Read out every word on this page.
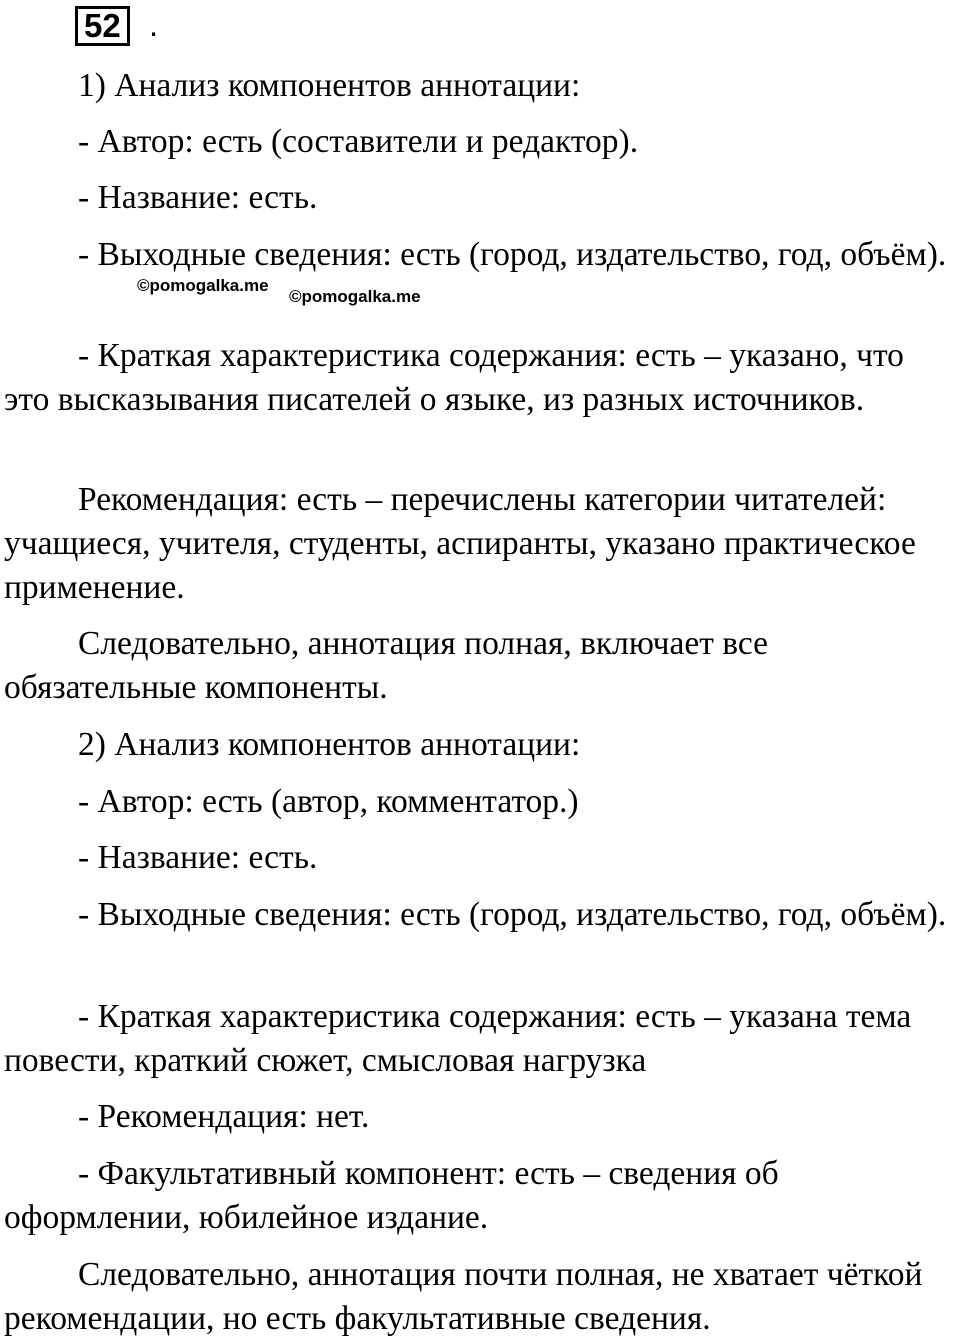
52 .

1) Анализ компонентов аннотации:

- Автор: есть (составители и редактор).

- Название: есть.

- Выходные сведения: есть (город, издательство, год, объём).

©pomogalka.me
©pomogalka.me

- Краткая характеристика содержания: есть – указано, что это высказывания писателей о языке, из разных источников.

Рекомендация: есть – перечислены категории читателей: учащиеся, учителя, студенты, аспиранты, указано практическое применение.

Следовательно, аннотация полная, включает все обязательные компоненты.

2) Анализ компонентов аннотации:

- Автор: есть (автор, комментатор.)

- Название: есть.

- Выходные сведения: есть (город, издательство, год, объём).

- Краткая характеристика содержания: есть – указана тема повести, краткий сюжет, смысловая нагрузка

- Рекомендация: нет.

- Факультативный компонент: есть – сведения об оформлении, юбилейное издание.

Следовательно, аннотация почти полная, не хватает чёткой рекомендации, но есть факультативные сведения.
